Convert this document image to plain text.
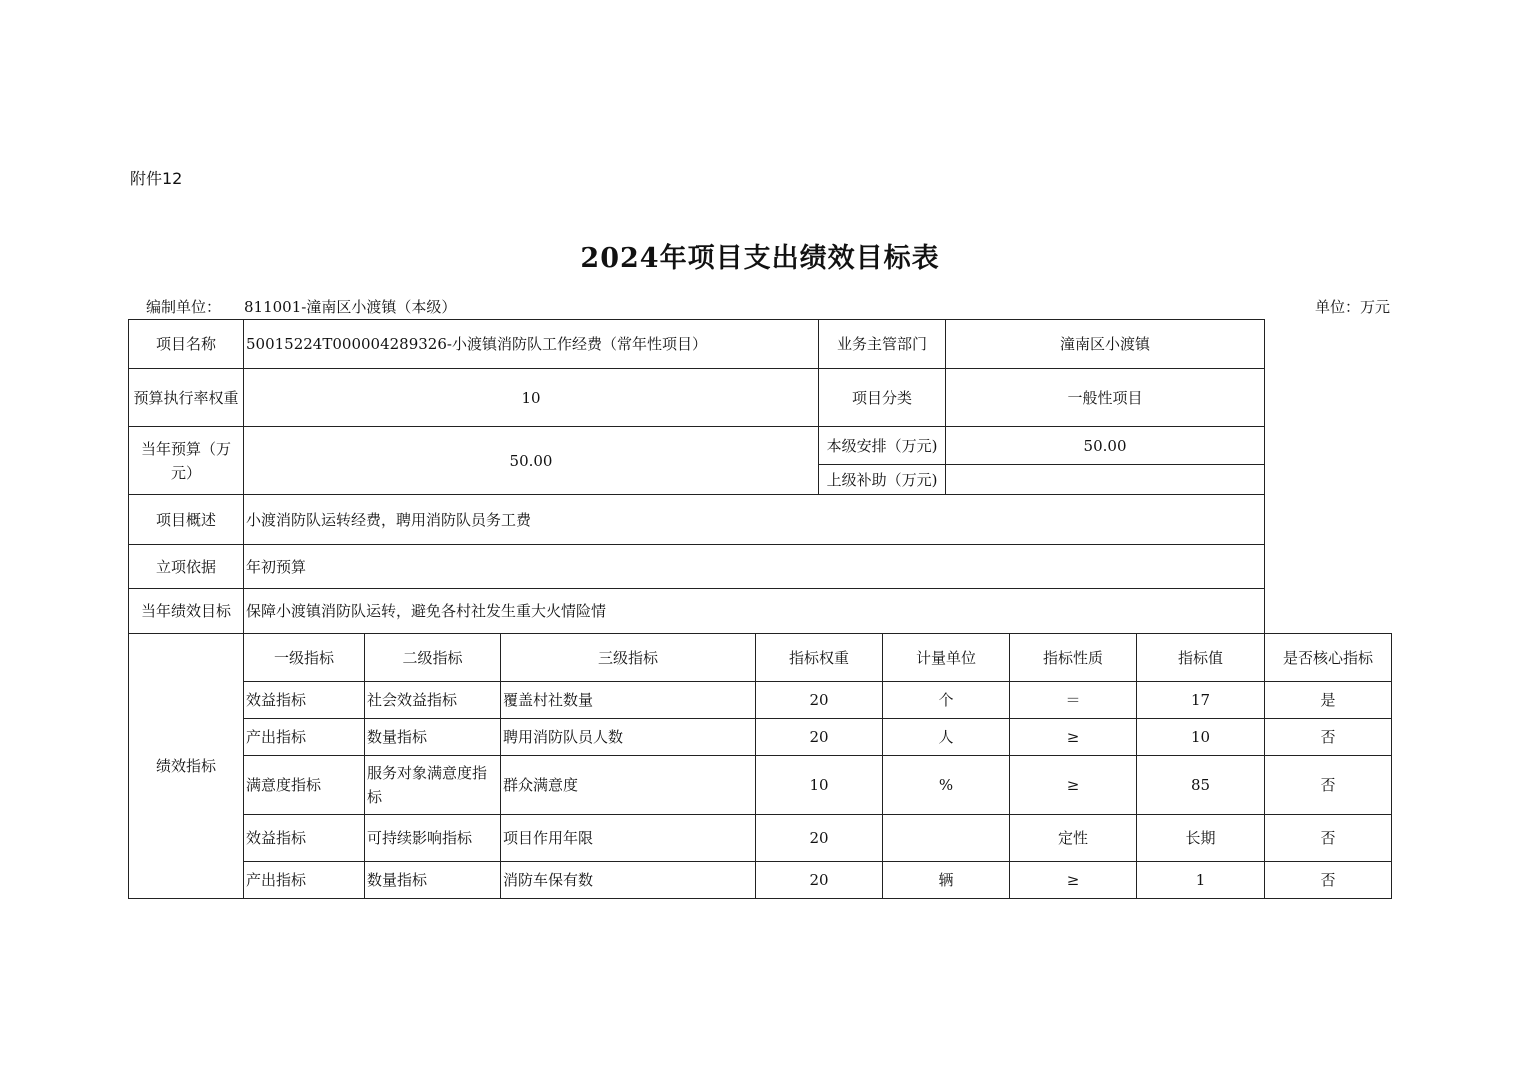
附件12
2024年项目支出绩效目标表
编制单位： 811001-潼南区小渡镇（本级）	单位：万元
项目名称	50015224T000004289326-小渡镇消防队工作经费（常年性项目）				业务主管部门		潼南区小渡镇			
预算执行率权重	10				项目分类		一般性项目			
当年预算（万元）	50.00				本级安排（万元)		50.00			
					上级补助（万元)					
项目概述	小渡消防队运转经费，聘用消防队员务工费									
立项依据	年初预算									
当年绩效目标	保障小渡镇消防队运转，避免各村社发生重大火情险情									
绩效指标	一级指标	二级指标	三级指标	指标权重		计量单位		指标性质	指标值	是否核心指标
	效益指标	社会效益指标	覆盖村社数量	20		个		＝	17	是
	产出指标	数量指标	聘用消防队员人数	20		人		≥	10	否
	满意度指标	服务对象满意度指标	群众满意度	10		%		≥	85	否
	效益指标	可持续影响指标	项目作用年限	20				定性	长期	否
	产出指标	数量指标	消防车保有数	20		辆		≥	1	否
